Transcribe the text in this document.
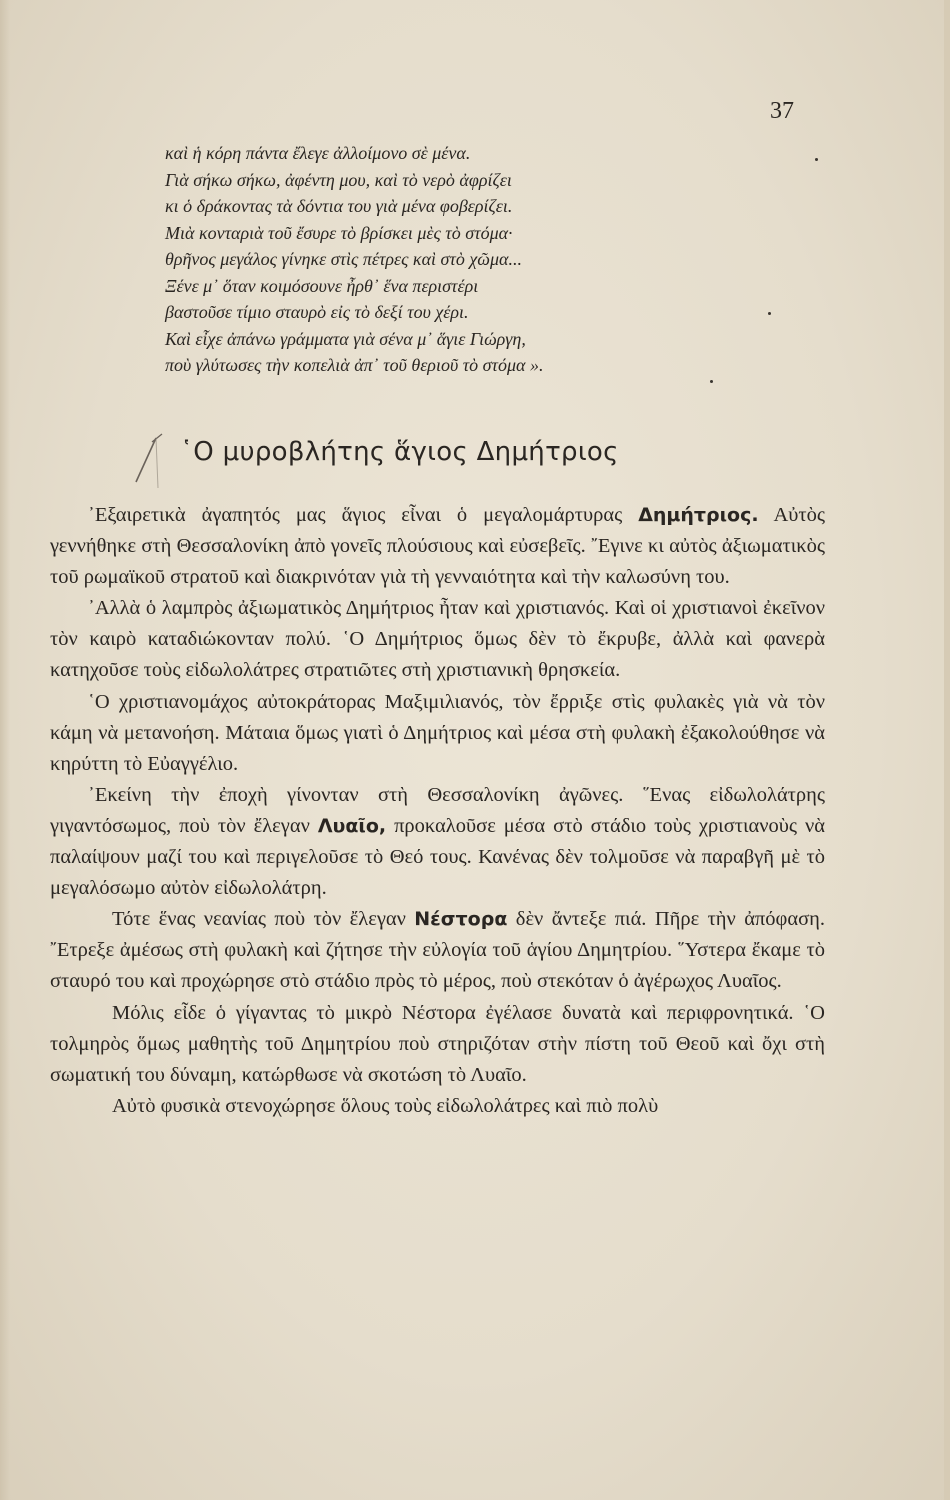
37
καὶ ἡ κόρη πάντα ἔλεγε ἀλλοίμονο σὲ μένα.
Γιὰ σήκω σήκω, ἀφέντη μου, καὶ τὸ νερὸ ἀφρίζει
κι ὁ δράκοντας τὰ δόντια του γιὰ μένα φοβερίζει.
Μιὰ κονταριὰ τοῦ ἔσυρε τὸ βρίσκει μὲς τὸ στόμα·
θρῆνος μεγάλος γίνηκε στὶς πέτρες καὶ στὸ χῶμα...
Ξένε μ᾿ ὅταν κοιμόσουνε ἦρθ᾿ ἕνα περιστέρι
βαστοῦσε τίμιο σταυρὸ εἰς τὸ δεξί του χέρι.
Καὶ εἶχε ἀπάνω γράμματα γιὰ σένα μ᾿ ἅγιε Γιώργη,
ποὺ γλύτωσες τὴν κοπελιὰ ἀπ᾿ τοῦ θεριοῦ τὸ στόμα ».
῾Ο μυροβλήτης ἅγιος Δημήτριος

᾿Εξαιρετικὰ ἀγαπητός μας ἅγιος εἶναι ὁ μεγαλομάρτυρας Δημήτριος. Αὐτὸς γεννήθηκε στὴ Θεσσαλονίκη ἀπὸ γονεῖς πλούσιους καὶ εὐσεβεῖς. ῎Εγινε κι αὐτὸς ἀξιωματικὸς τοῦ ρωμαϊκοῦ στρατοῦ καὶ διακρινόταν γιὰ τὴ γενναιότητα καὶ τὴν καλωσύνη του.

᾿Αλλὰ ὁ λαμπρὸς ἀξιωματικὸς Δημήτριος ἦταν καὶ χριστιανός. Καὶ οἱ χριστιανοὶ ἐκεῖνον τὸν καιρὸ καταδιώκονταν πολύ. ῾Ο Δημήτριος ὅμως δὲν τὸ ἔκρυβε, ἀλλὰ καὶ φανερὰ κατηχοῦσε τοὺς εἰδωλολάτρες στρατιῶτες στὴ χριστιανικὴ θρησκεία.

῾Ο χριστιανομάχος αὐτοκράτορας Μαξιμιλιανός, τὸν ἔρριξε στὶς φυλακὲς γιὰ νὰ τὸν κάμη νὰ μετανοήση. Μάταια ὅμως γιατὶ ὁ Δημήτριος καὶ μέσα στὴ φυλακὴ ἐξακολούθησε νὰ κηρύττη τὸ Εὐαγγέλιο.

᾿Εκείνη τὴν ἐποχὴ γίνονταν στὴ Θεσσαλονίκη ἀγῶνες. ῞Ενας εἰδωλολάτρης γιγαντόσωμος, ποὺ τὸν ἔλεγαν Λυαῖο, προκαλοῦσε μέσα στὸ στάδιο τοὺς χριστιανοὺς νὰ παλαίψουν μαζί του καὶ περιγελοῦσε τὸ Θεό τους. Κανένας δὲν τολμοῦσε νὰ παραβγῆ μὲ τὸ μεγαλόσωμο αὐτὸν εἰδωλολάτρη.

Τότε ἕνας νεανίας ποὺ τὸν ἔλεγαν Νέστορα δὲν ἄντεξε πιά. Πῆρε τὴν ἀπόφαση. ῎Ετρεξε ἀμέσως στὴ φυλακὴ καὶ ζήτησε τὴν εὐλογία τοῦ ἁγίου Δημητρίου. ῞Υστερα ἔκαμε τὸ σταυρό του καὶ προχώρησε στὸ στάδιο πρὸς τὸ μέρος, ποὺ στεκόταν ὁ ἀγέρωχος Λυαῖος.

Μόλις εἶδε ὁ γίγαντας τὸ μικρὸ Νέστορα ἐγέλασε δυνατὰ καὶ περιφρονητικά. ῾Ο τολμηρὸς ὅμως μαθητὴς τοῦ Δημητρίου ποὺ στηριζόταν στὴν πίστη τοῦ Θεοῦ καὶ ὄχι στὴ σωματική του δύναμη, κατώρθωσε νὰ σκοτώση τὸ Λυαῖο.

Αὐτὸ φυσικὰ στενοχώρησε ὅλους τοὺς εἰδωλολάτρες καὶ πιὸ πολὺ
